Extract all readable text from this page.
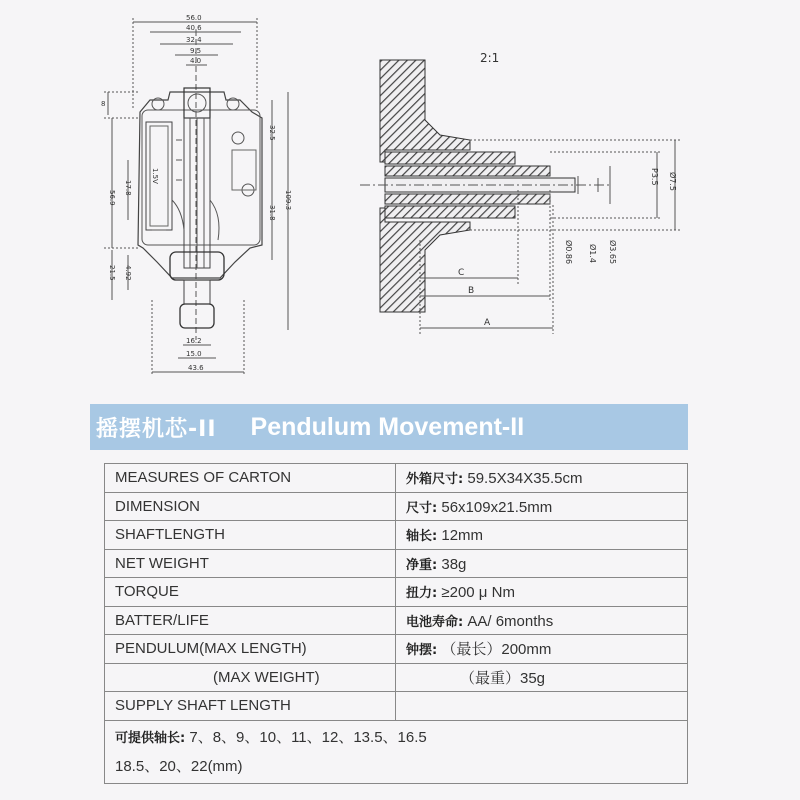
56.0
40.6
32.4
9.5
4.0
8
56.9
17.8
21.5 4.92
32.5
109.3
31.8
16.2
15.0
43.6
1.5V
2:1
C
B
A
Ø0.86 Ø1.4 Ø3.65
P3.5 Ø7.5
摇摆机芯-II Pendulum Movement-II
MEASURES OF CARTON	外箱尺寸: 59.5X34X35.5cm
DIMENSION	尺寸: 56x109x21.5mm
SHAFTLENGTH	轴长: 12mm
NET WEIGHT	净重: 38g
TORQUE	扭力: ≥200 μ Nm
BATTER/LIFE	电池寿命: AA/ 6months
PENDULUM(MAX LENGTH)	钟摆: （最长）200mm
(MAX WEIGHT)	（最重）35g
SUPPLY SHAFT LENGTH	
可提供轴长: 7、8、9、10、11、12、13.5、16.5
18.5、20、22(mm)	
